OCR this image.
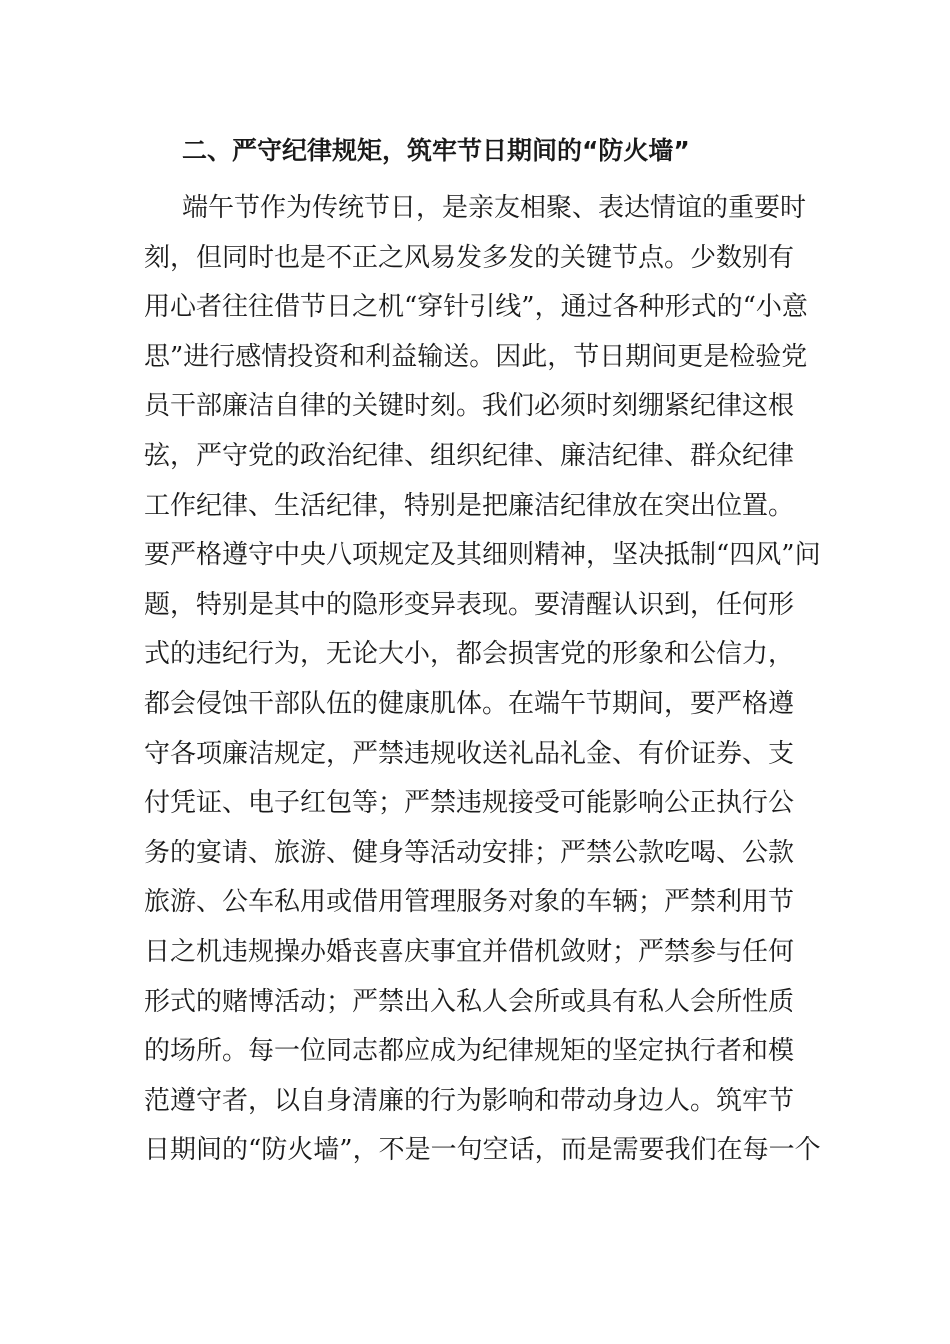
二、严守纪律规矩，筑牢节日期间的“防火墙”
端午节作为传统节日，是亲友相聚、表达情谊的重要时
刻，但同时也是不正之风易发多发的关键节点。少数别有
用心者往往借节日之机“穿针引线”，通过各种形式的“小意
思”进行感情投资和利益输送。因此，节日期间更是检验党
员干部廉洁自律的关键时刻。我们必须时刻绷紧纪律这根
弦，严守党的政治纪律、组织纪律、廉洁纪律、群众纪律
工作纪律、生活纪律，特别是把廉洁纪律放在突出位置。
要严格遵守中央八项规定及其细则精神，坚决抵制“四风”问
题，特别是其中的隐形变异表现。要清醒认识到，任何形
式的违纪行为，无论大小，都会损害党的形象和公信力，
都会侵蚀干部队伍的健康肌体。在端午节期间，要严格遵
守各项廉洁规定，严禁违规收送礼品礼金、有价证券、支
付凭证、电子红包等；严禁违规接受可能影响公正执行公
务的宴请、旅游、健身等活动安排；严禁公款吃喝、公款
旅游、公车私用或借用管理服务对象的车辆；严禁利用节
日之机违规操办婚丧喜庆事宜并借机敛财；严禁参与任何
形式的赌博活动；严禁出入私人会所或具有私人会所性质
的场所。每一位同志都应成为纪律规矩的坚定执行者和模
范遵守者，以自身清廉的行为影响和带动身边人。筑牢节
日期间的“防火墙”，不是一句空话，而是需要我们在每一个
